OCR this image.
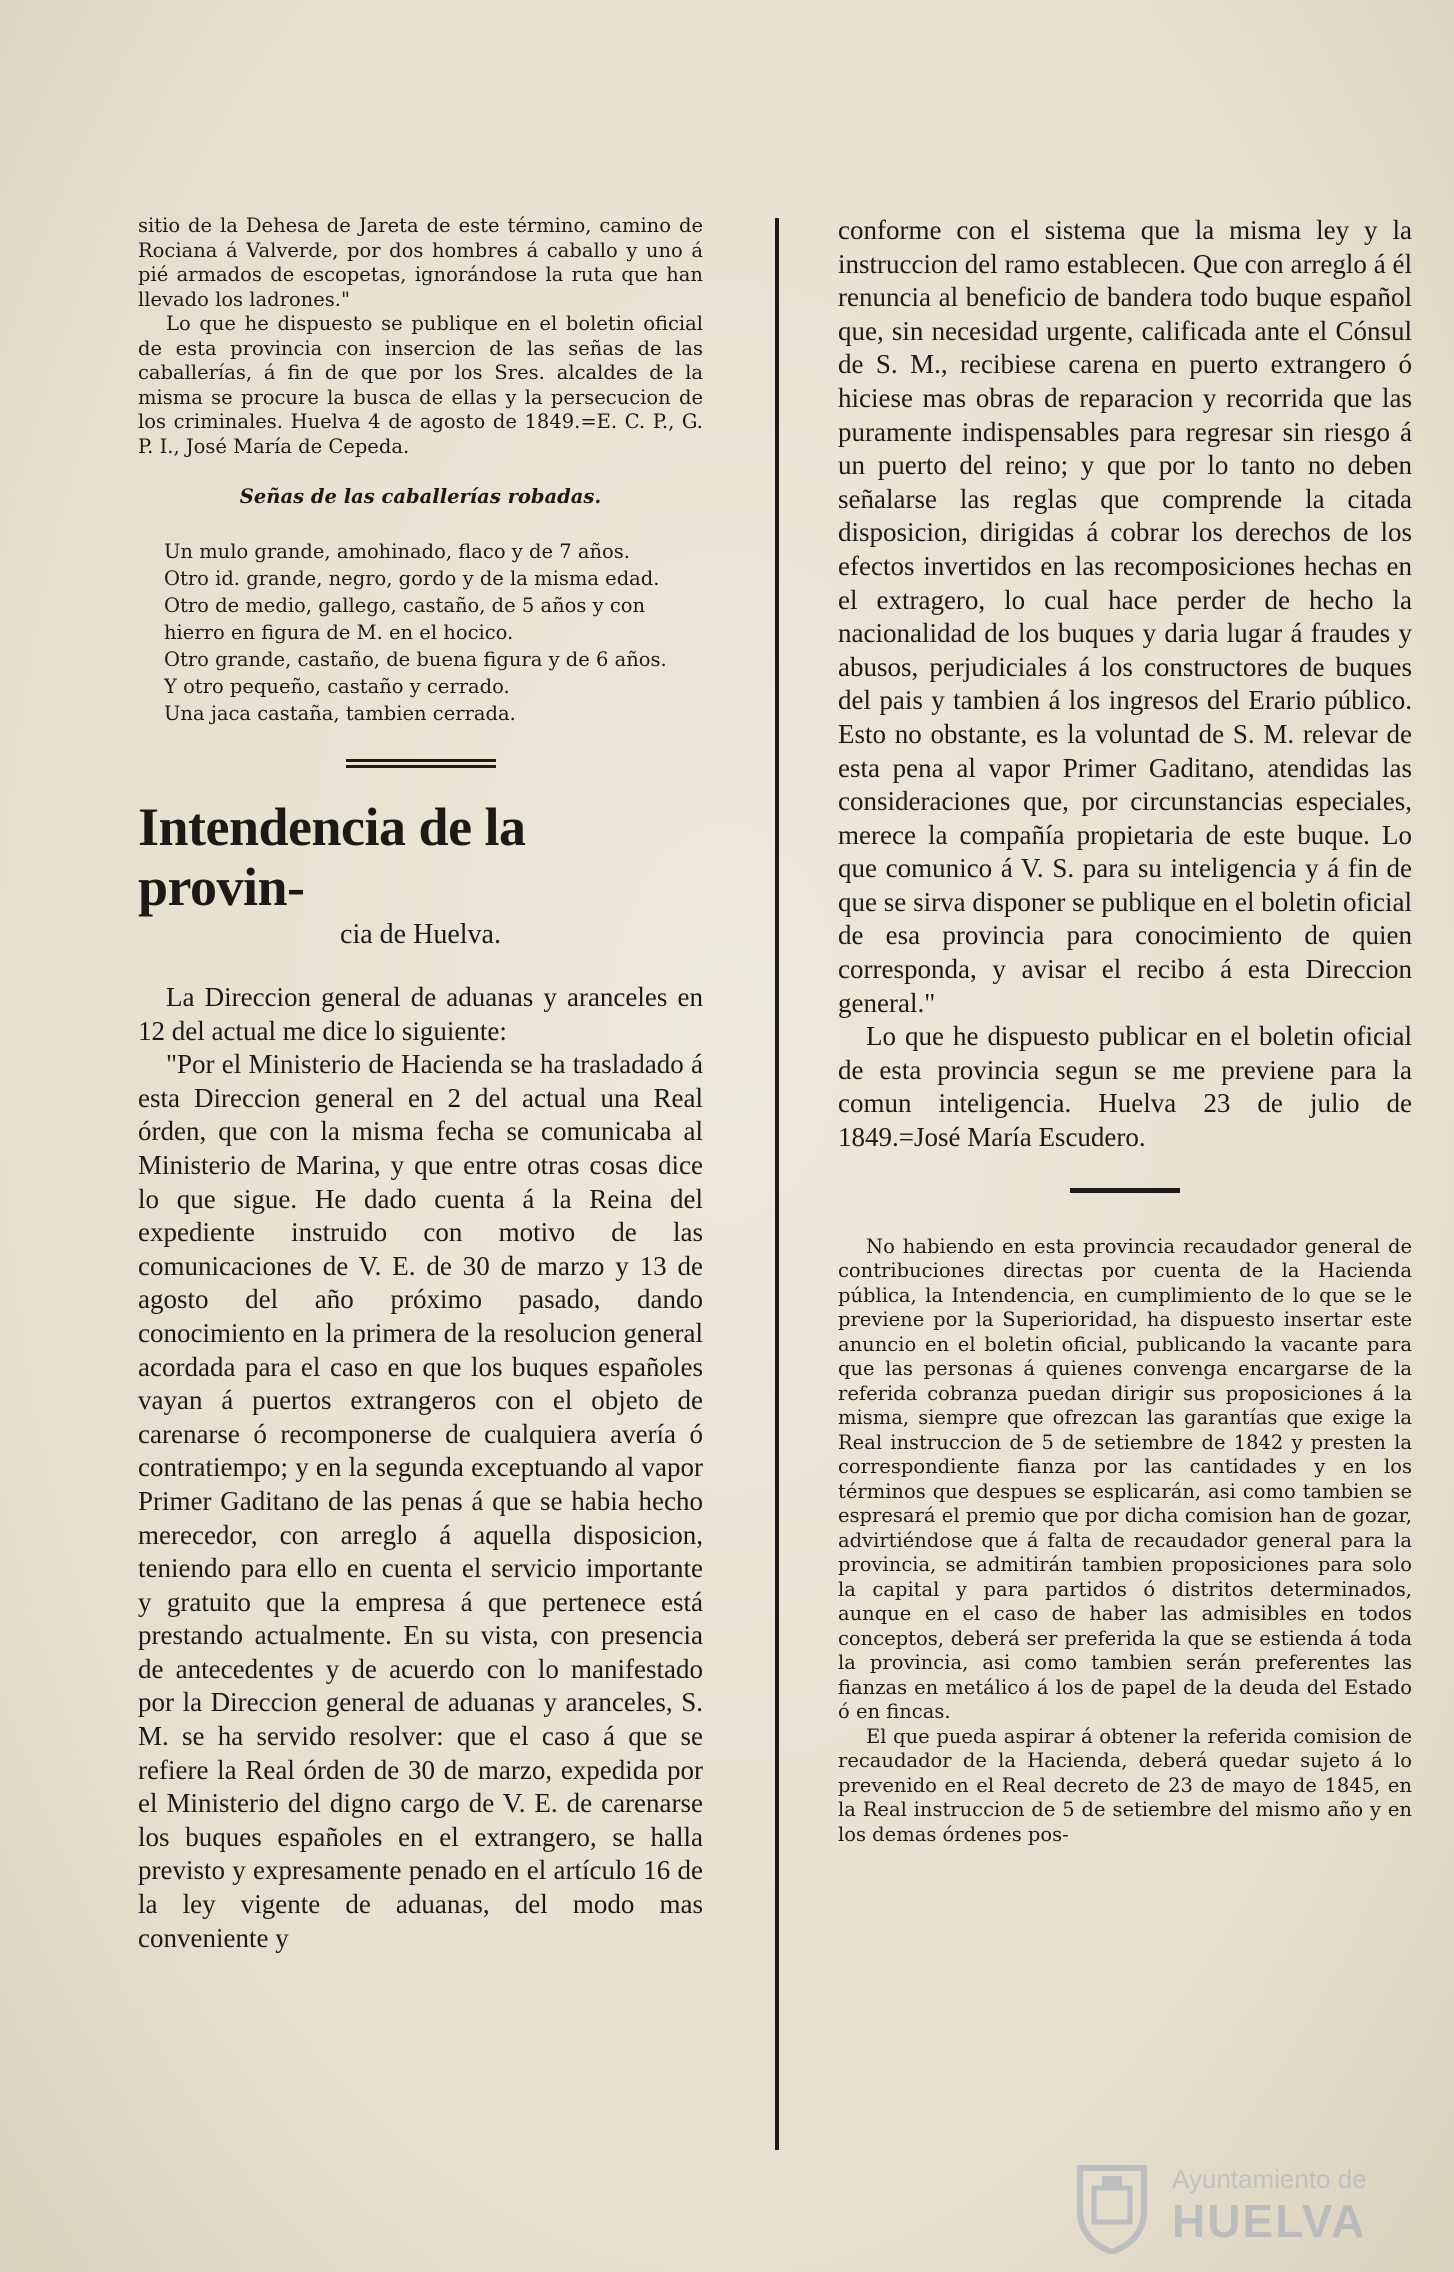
sitio de la Dehesa de Jareta de este término, camino de Rociana á Valverde, por dos hombres á caballo y uno á pié armados de escopetas, ignorándose la ruta que han llevado los ladrones."

Lo que he dispuesto se publique en el boletin oficial de esta provincia con insercion de las señas de las caballerías, á fin de que por los Sres. alcaldes de la misma se procure la busca de ellas y la persecucion de los criminales. Huelva 4 de agosto de 1849.=E. C. P., G. P. I., José María de Cepeda.

Señas de las caballerías robadas.

Un mulo grande, amohinado, flaco y de 7 años.

Otro id. grande, negro, gordo y de la misma edad.

Otro de medio, gallego, castaño, de 5 años y con hierro en figura de M. en el hocico.

Otro grande, castaño, de buena figura y de 6 años.

Y otro pequeño, castaño y cerrado.

Una jaca castaña, tambien cerrada.

Intendencia de la provin-

cia de Huelva.

La Direccion general de aduanas y aranceles en 12 del actual me dice lo siguiente:

"Por el Ministerio de Hacienda se ha trasladado á esta Direccion general en 2 del actual una Real órden, que con la misma fecha se comunicaba al Ministerio de Marina, y que entre otras cosas dice lo que sigue. He dado cuenta á la Reina del expediente instruido con motivo de las comunicaciones de V. E. de 30 de marzo y 13 de agosto del año próximo pasado, dando conocimiento en la primera de la resolucion general acordada para el caso en que los buques españoles vayan á puertos extrangeros con el objeto de carenarse ó recomponerse de cualquiera avería ó contratiempo; y en la segunda exceptuando al vapor Primer Gaditano de las penas á que se habia hecho merecedor, con arreglo á aquella disposicion, teniendo para ello en cuenta el servicio importante y gratuito que la empresa á que pertenece está prestando actualmente. En su vista, con presencia de antecedentes y de acuerdo con lo manifestado por la Direccion general de aduanas y aranceles, S. M. se ha servido resolver: que el caso á que se refiere la Real órden de 30 de marzo, expedida por el Ministerio del digno cargo de V. E. de carenarse los buques españoles en el extrangero, se halla previsto y expresamente penado en el artículo 16 de la ley vigente de aduanas, del modo mas conveniente y

conforme con el sistema que la misma ley y la instruccion del ramo establecen. Que con arreglo á él renuncia al beneficio de bandera todo buque español que, sin necesidad urgente, calificada ante el Cónsul de S. M., recibiese carena en puerto extrangero ó hiciese mas obras de reparacion y recorrida que las puramente indispensables para regresar sin riesgo á un puerto del reino; y que por lo tanto no deben señalarse las reglas que comprende la citada disposicion, dirigidas á cobrar los derechos de los efectos invertidos en las recomposiciones hechas en el extragero, lo cual hace perder de hecho la nacionalidad de los buques y daria lugar á fraudes y abusos, perjudiciales á los constructores de buques del pais y tambien á los ingresos del Erario público. Esto no obstante, es la voluntad de S. M. relevar de esta pena al vapor Primer Gaditano, atendidas las consideraciones que, por circunstancias especiales, merece la compañía propietaria de este buque. Lo que comunico á V. S. para su inteligencia y á fin de que se sirva disponer se publique en el boletin oficial de esa provincia para conocimiento de quien corresponda, y avisar el recibo á esta Direccion general."

Lo que he dispuesto publicar en el boletin oficial de esta provincia segun se me previene para la comun inteligencia. Huelva 23 de julio de 1849.=José María Escudero.

No habiendo en esta provincia recaudador general de contribuciones directas por cuenta de la Hacienda pública, la Intendencia, en cumplimiento de lo que se le previene por la Superioridad, ha dispuesto insertar este anuncio en el boletin oficial, publicando la vacante para que las personas á quienes convenga encargarse de la referida cobranza puedan dirigir sus proposiciones á la misma, siempre que ofrezcan las garantías que exige la Real instruccion de 5 de setiembre de 1842 y presten la correspondiente fianza por las cantidades y en los términos que despues se esplicarán, asi como tambien se espresará el premio que por dicha comision han de gozar, advirtiéndose que á falta de recaudador general para la provincia, se admitirán tambien proposiciones para solo la capital y para partidos ó distritos determinados, aunque en el caso de haber las admisibles en todos conceptos, deberá ser preferida la que se estienda á toda la provincia, asi como tambien serán preferentes las fianzas en metálico á los de papel de la deuda del Estado ó en fincas.

El que pueda aspirar á obtener la referida comision de recaudador de la Hacienda, deberá quedar sujeto á lo prevenido en el Real decreto de 23 de mayo de 1845, en la Real instruccion de 5 de setiembre del mismo año y en los demas órdenes pos-

Ayuntamiento de
HUELVA
